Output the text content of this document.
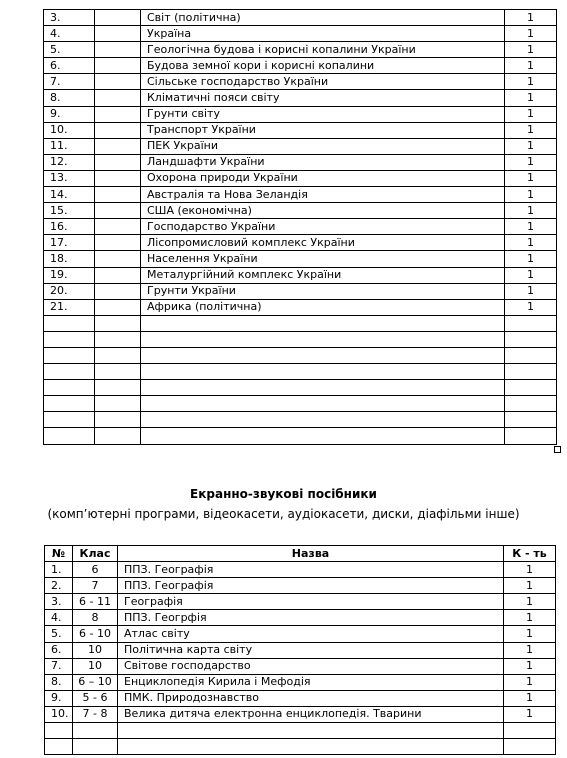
3.		Світ (політична)	1
4.		Україна	1
5.		Геологічна будова і корисні копалини України	1
6.		Будова земної кори і корисні копалини	1
7.		Сільське господарство України	1
8.		Кліматичні пояси світу	1
9.		Грунти світу	1
10.		Транспорт України	1
11.		ПЕК України	1
12.		Ландшафти України	1
13.		Охорона природи України	1
14.		Австралія та Нова Зеландія	1
15.		США (економічна)	1
16.		Господарство України	1
17.		Лісопромисловий комплекс України	1
18.		Населення України	1
19.		Металургійний комплекс України	1
20.		Грунти України	1
21.		Африка (політична)	1

Екранно-звукові посібники
(комп’ютерні програми, відеокасети, аудіокасети, диски, діафільми інше)
№	Клас	Назва	К - ть
1.	6	ППЗ. Географія	1
2.	7	ППЗ. Географія	1
3.	6 - 11	Географія	1
4.	8	ППЗ. Геогрфія	1
5.	6 - 10	Атлас світу	1
6.	10	Політична карта світу	1
7.	10	Світове господарство	1
8.	6 – 10	Енциклопедія Кирила і Мефодія	1
9.	5 - 6	ПМК. Природознавство	1
10.	7 - 8	Велика дитяча електронна енциклопедія. Тварини	1
